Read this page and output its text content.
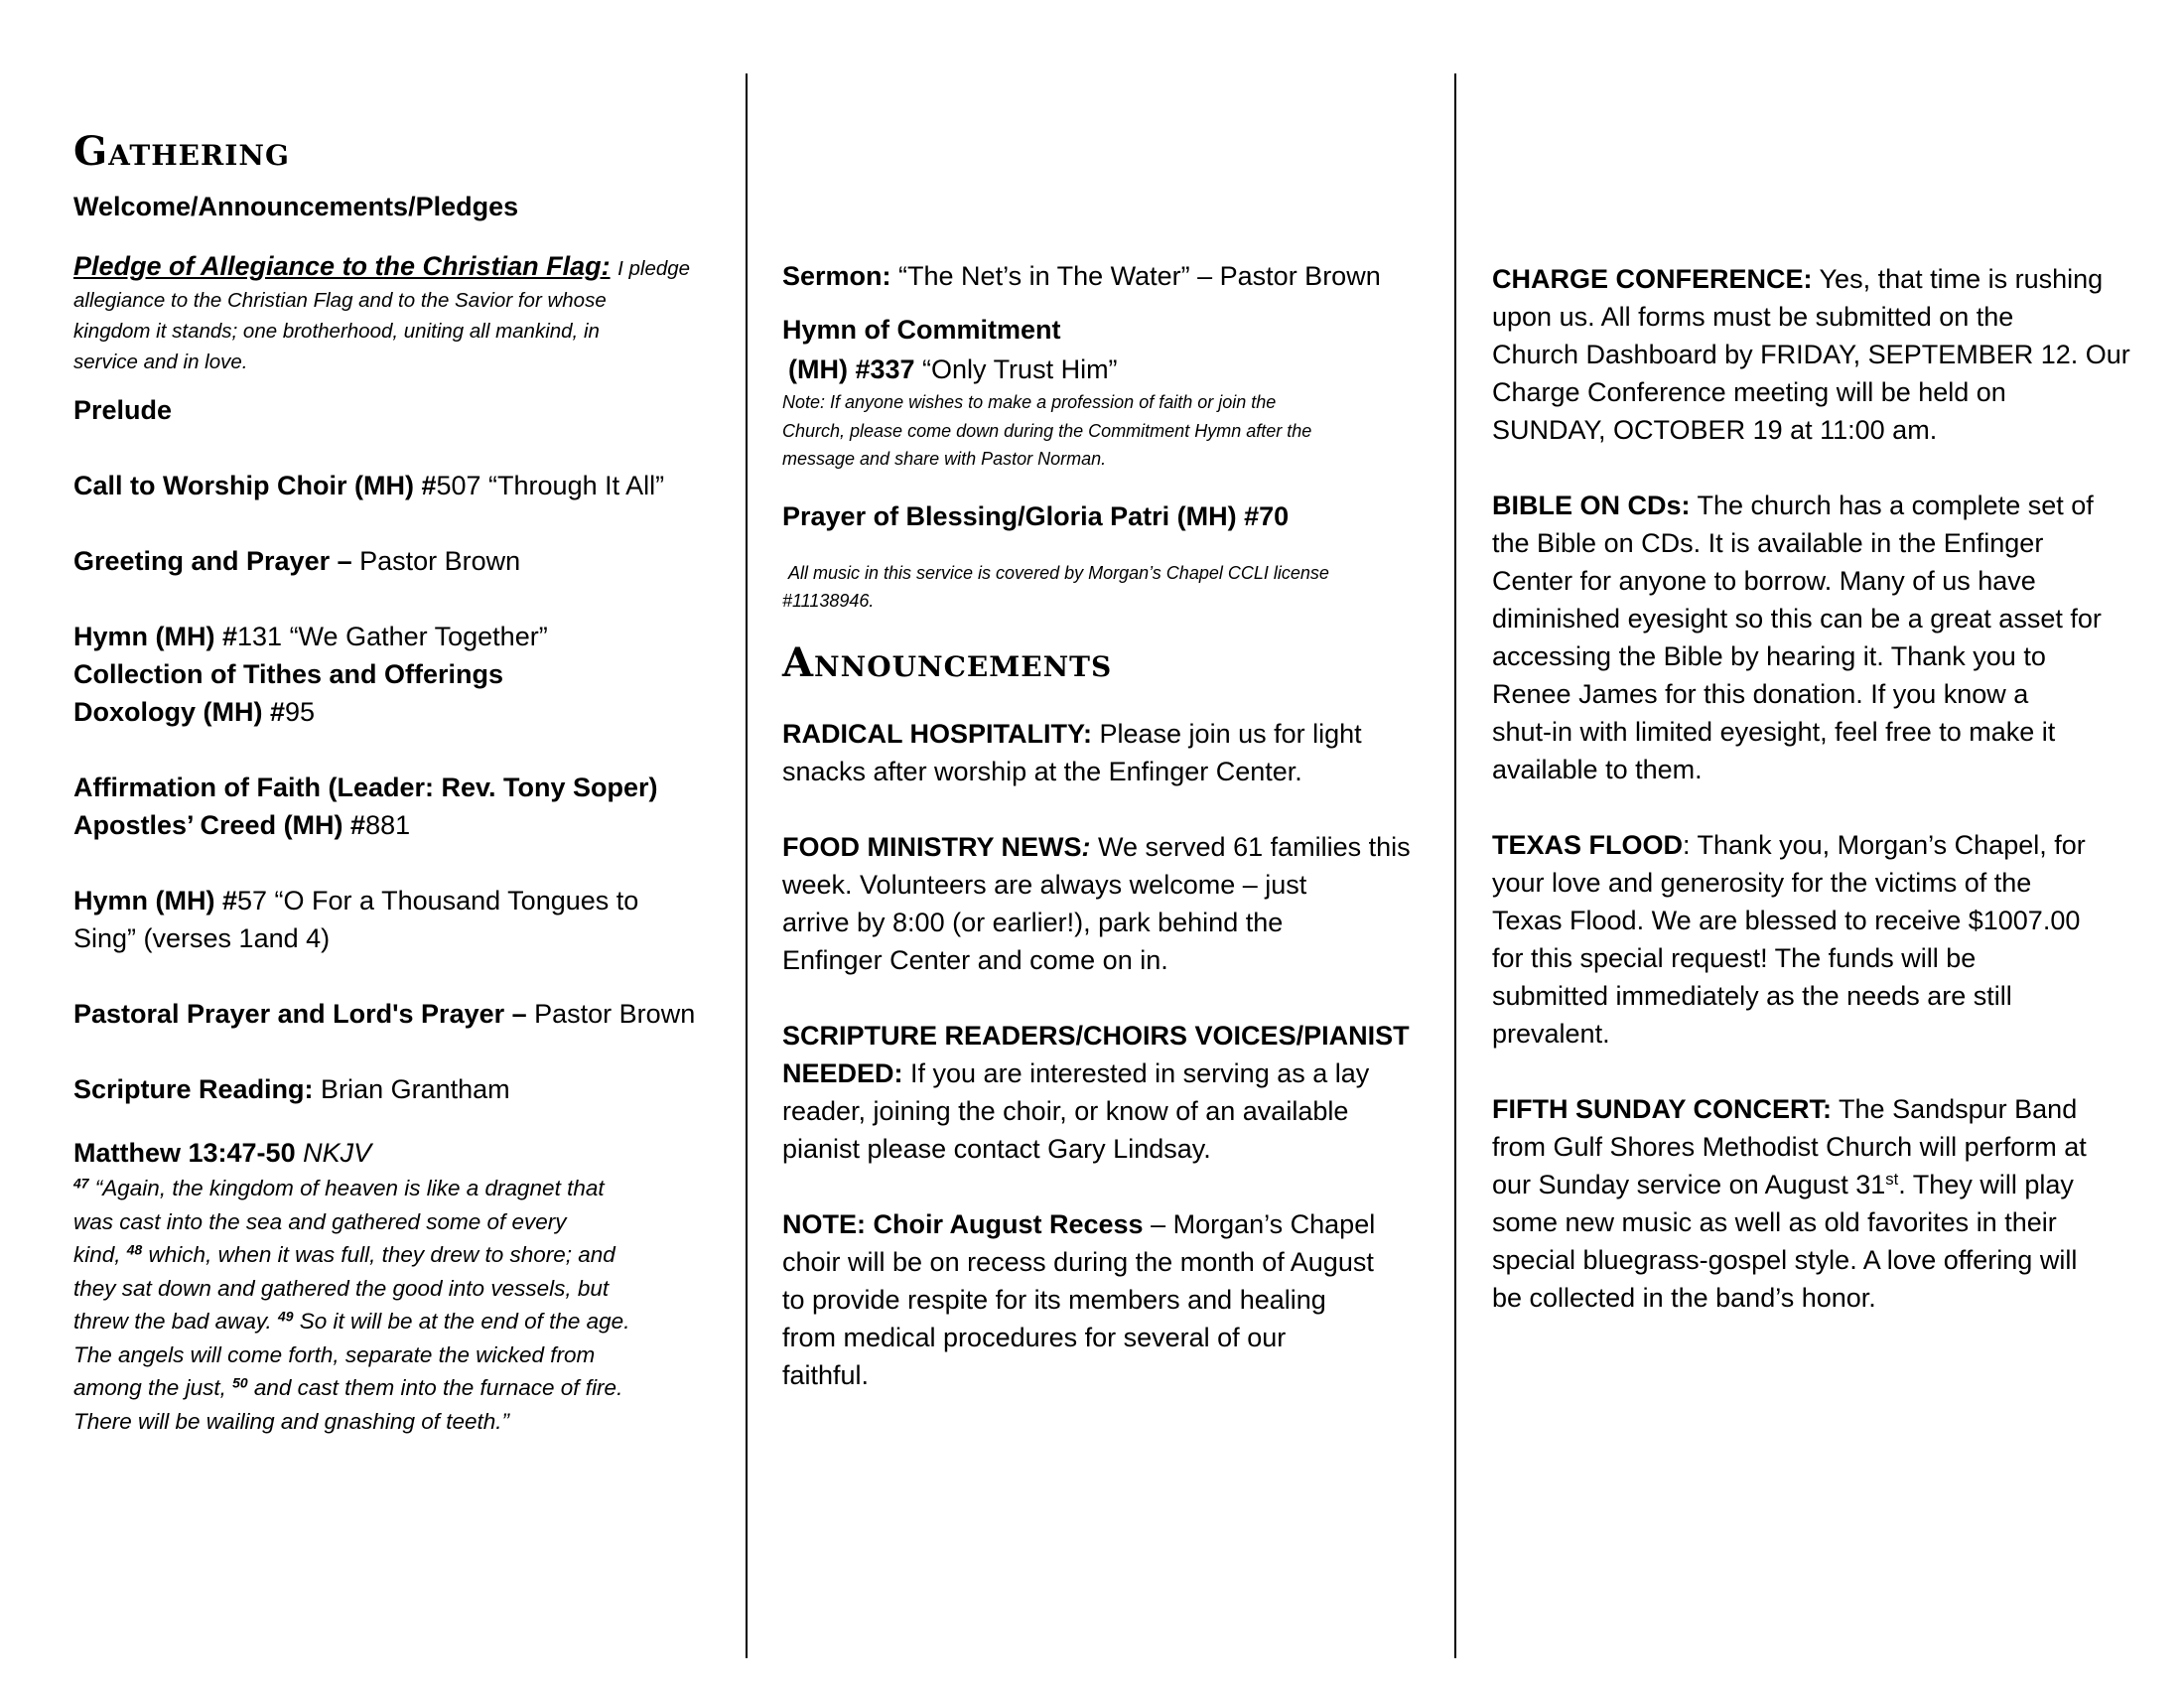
Gathering

Welcome/Announcements/Pledges

Pledge of Allegiance to the Christian Flag: I pledge

allegiance to the Christian Flag and to the Savior for whose

kingdom it stands; one brotherhood, uniting all mankind, in

service and in love.

Prelude

Call to Worship Choir (MH) #507 “Through It All”

Greeting and Prayer – Pastor Brown

Hymn (MH) #131 “We Gather Together”

Collection of Tithes and Offerings

Doxology (MH) #95

Affirmation of Faith (Leader: Rev. Tony Soper)

Apostles’ Creed (MH) #881

Hymn (MH) #57 “O For a Thousand Tongues to

Sing” (verses 1and 4)

Pastoral Prayer and Lord's Prayer – Pastor Brown

Scripture Reading: Brian Grantham

Matthew 13:47-50 NKJV

$^{47}$ “Again, the kingdom of heaven is like a dragnet that

was cast into the sea and gathered some of every

kind, $^{48}$ which, when it was full, they drew to shore; and

they sat down and gathered the good into vessels, but

threw the bad away. $^{49}$ So it will be at the end of the age.

The angels will come forth, separate the wicked from

among the just, $^{50}$ and cast them into the furnace of fire.

There will be wailing and gnashing of teeth.”

Sermon: “The Net’s in The Water” – Pastor Brown

Hymn of Commitment

(MH) #337 “Only Trust Him”

Note: If anyone wishes to make a profession of faith or join the

Church, please come down during the Commitment Hymn after the

message and share with Pastor Norman.

Prayer of Blessing/Gloria Patri (MH) #70

All music in this service is covered by Morgan’s Chapel CCLI license

#11138946.

Announcements

RADICAL HOSPITALITY: Please join us for light

snacks after worship at the Enfinger Center.

FOOD MINISTRY NEWS: We served 61 families this

week. Volunteers are always welcome – just

arrive by 8:00 (or earlier!), park behind the

Enfinger Center and come on in.

SCRIPTURE READERS/CHOIRS VOICES/PIANIST

NEEDED: If you are interested in serving as a lay

reader, joining the choir, or know of an available

pianist please contact Gary Lindsay.

NOTE: Choir August Recess – Morgan’s Chapel

choir will be on recess during the month of August

to provide respite for its members and healing

from medical procedures for several of our

faithful.

CHARGE CONFERENCE: Yes, that time is rushing

upon us. All forms must be submitted on the

Church Dashboard by FRIDAY, SEPTEMBER 12. Our

Charge Conference meeting will be held on

SUNDAY, OCTOBER 19 at 11:00 am.

BIBLE ON CDs: The church has a complete set of

the Bible on CDs. It is available in the Enfinger

Center for anyone to borrow. Many of us have

diminished eyesight so this can be a great asset for

accessing the Bible by hearing it. Thank you to

Renee James for this donation. If you know a

shut-in with limited eyesight, feel free to make it

available to them.

TEXAS FLOOD: Thank you, Morgan’s Chapel, for

your love and generosity for the victims of the

Texas Flood. We are blessed to receive $1007.00

for this special request! The funds will be

submitted immediately as the needs are still

prevalent.

FIFTH SUNDAY CONCERT: The Sandspur Band

from Gulf Shores Methodist Church will perform at

our Sunday service on August 31st. They will play

some new music as well as old favorites in their

special bluegrass-gospel style. A love offering will

be collected in the band’s honor.
